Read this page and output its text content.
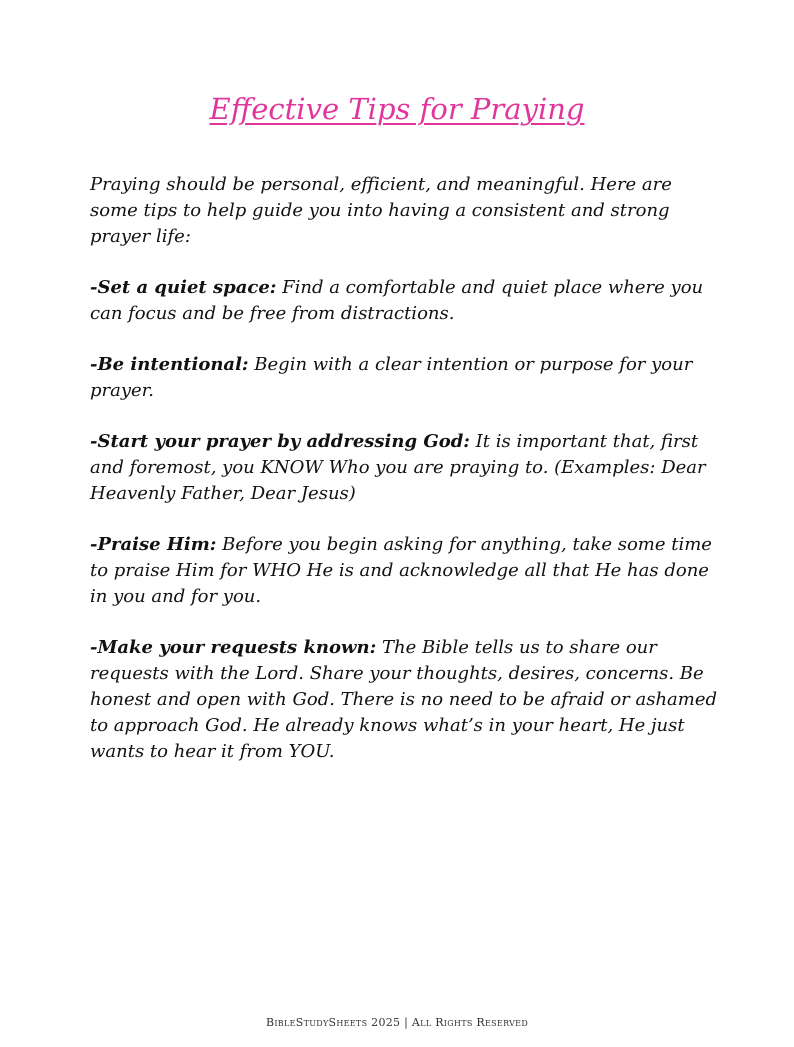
Effective Tips for Praying

Praying should be personal, efficient, and meaningful. Here are some tips to help guide you into having a consistent and strong prayer life:

-Set a quiet space: Find a comfortable and quiet place where you can focus and be free from distractions.

-Be intentional: Begin with a clear intention or purpose for your prayer.

-Start your prayer by addressing God: It is important that, first and foremost, you KNOW Who you are praying to. (Examples: Dear Heavenly Father, Dear Jesus)

-Praise Him: Before you begin asking for anything, take some time to praise Him for WHO He is and acknowledge all that He has done in you and for you.

-Make your requests known: The Bible tells us to share our requests with the Lord. Share your thoughts, desires, concerns. Be honest and open with God. There is no need to be afraid or ashamed to approach God. He already knows what’s in your heart, He just wants to hear it from YOU.

BibleStudySheets 2025 | All Rights Reserved
